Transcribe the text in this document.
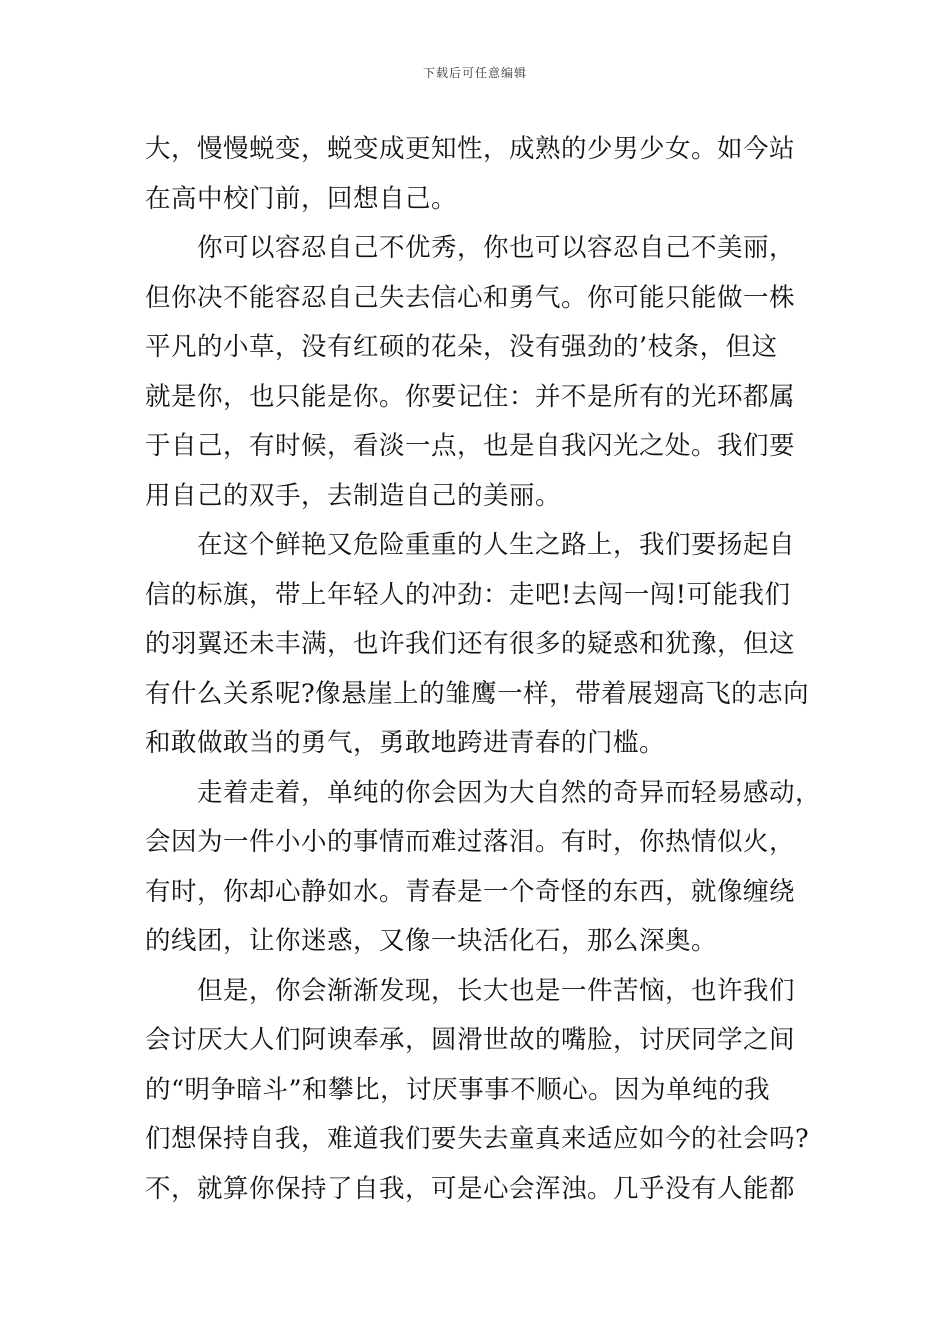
下载后可任意编辑
大，慢慢蜕变，蜕变成更知性，成熟的少男少女。如今站
在高中校门前，回想自己。
你可以容忍自己不优秀，你也可以容忍自己不美丽，
但你决不能容忍自己失去信心和勇气。你可能只能做一株
平凡的小草，没有红硕的花朵，没有强劲的’枝条，但这
就是你，也只能是你。你要记住：并不是所有的光环都属
于自己，有时候，看淡一点，也是自我闪光之处。我们要
用自己的双手，去制造自己的美丽。
在这个鲜艳又危险重重的人生之路上，我们要扬起自
信的标旗，带上年轻人的冲劲：走吧!去闯一闯!可能我们
的羽翼还未丰满，也许我们还有很多的疑惑和犹豫，但这
有什么关系呢?像悬崖上的雏鹰一样，带着展翅高飞的志向
和敢做敢当的勇气，勇敢地跨进青春的门槛。
走着走着，单纯的你会因为大自然的奇异而轻易感动，
会因为一件小小的事情而难过落泪。有时，你热情似火，
有时，你却心静如水。青春是一个奇怪的东西，就像缠绕
的线团，让你迷惑，又像一块活化石，那么深奥。
但是，你会渐渐发现，长大也是一件苦恼，也许我们
会讨厌大人们阿谀奉承，圆滑世故的嘴脸，讨厌同学之间
的“明争暗斗”和攀比，讨厌事事不顺心。因为单纯的我
们想保持自我，难道我们要失去童真来适应如今的社会吗?
不，就算你保持了自我，可是心会浑浊。几乎没有人能都
